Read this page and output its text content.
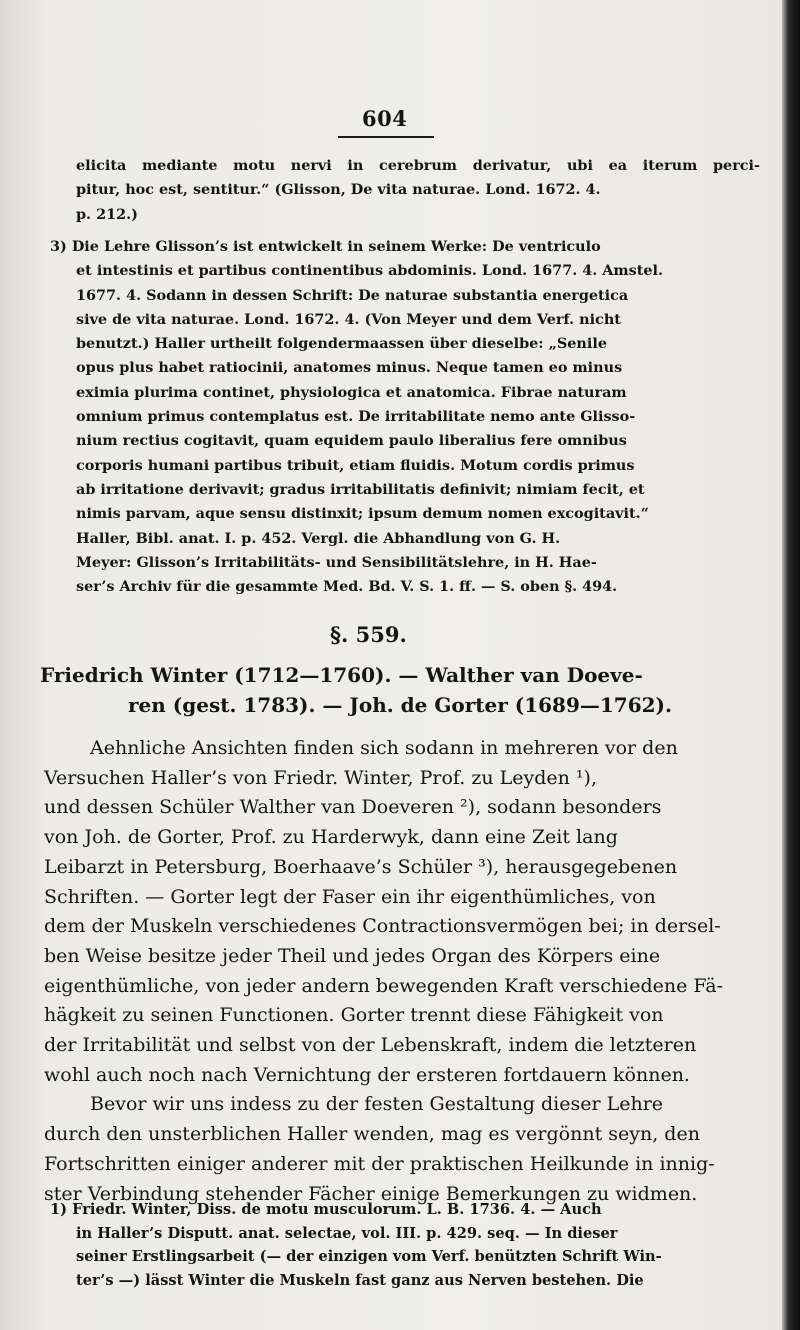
604
elicita mediante motu nervi in cerebrum derivatur, ubi ea iterum perci-
pitur, hoc est, sentitur.“ (Glisson, De vita naturae. Lond. 1672. 4.
p. 212.)
3) Die Lehre Glisson’s ist entwickelt in seinem Werke: De ventriculo
et intestinis et partibus continentibus abdominis. Lond. 1677. 4. Amstel.
1677. 4. Sodann in dessen Schrift: De naturae substantia energetica
sive de vita naturae. Lond. 1672. 4. (Von Meyer und dem Verf. nicht
benutzt.) Haller urtheilt folgendermaassen über dieselbe: „Senile
opus plus habet ratiocinii, anatomes minus. Neque tamen eo minus
eximia plurima continet, physiologica et anatomica. Fibrae naturam
omnium primus contemplatus est. De irritabilitate nemo ante Glisso-
nium rectius cogitavit, quam equidem paulo liberalius fere omnibus
corporis humani partibus tribuit, etiam fluidis. Motum cordis primus
ab irritatione derivavit; gradus irritabilitatis definivit; nimiam fecit, et
nimis parvam, aque sensu distinxit; ipsum demum nomen excogitavit.“
Haller, Bibl. anat. I. p. 452. Vergl. die Abhandlung von G. H.
Meyer: Glisson’s Irritabilitäts- und Sensibilitätslehre, in H. Hae-
ser’s Archiv für die gesammte Med. Bd. V. S. 1. ff. — S. oben §. 494.
§. 559.
Friedrich Winter (1712—1760). — Walther van Doeve-
ren (gest. 1783). — Joh. de Gorter (1689—1762).
Aehnliche Ansichten finden sich sodann in mehreren vor den
Versuchen Haller’s von Friedr. Winter, Prof. zu Leyden ¹),
und dessen Schüler Walther van Doeveren ²), sodann besonders
von Joh. de Gorter, Prof. zu Harderwyk, dann eine Zeit lang
Leibarzt in Petersburg, Boerhaave’s Schüler ³), herausgegebenen
Schriften. — Gorter legt der Faser ein ihr eigenthümliches, von
dem der Muskeln verschiedenes Contractionsvermögen bei; in dersel-
ben Weise besitze jeder Theil und jedes Organ des Körpers eine
eigenthümliche, von jeder andern bewegenden Kraft verschiedene Fä-
hägkeit zu seinen Functionen. Gorter trennt diese Fähigkeit von
der Irritabilität und selbst von der Lebenskraft, indem die letzteren
wohl auch noch nach Vernichtung der ersteren fortdauern können.
Bevor wir uns indess zu der festen Gestaltung dieser Lehre
durch den unsterblichen Haller wenden, mag es vergönnt seyn, den
Fortschritten einiger anderer mit der praktischen Heilkunde in innig-
ster Verbindung stehender Fächer einige Bemerkungen zu widmen.
1) Friedr. Winter, Diss. de motu musculorum. L. B. 1736. 4. — Auch
in Haller’s Disputt. anat. selectae, vol. III. p. 429. seq. — In dieser
seiner Erstlingsarbeit (— der einzigen vom Verf. benützten Schrift Win-
ter’s —) lässt Winter die Muskeln fast ganz aus Nerven bestehen. Die
